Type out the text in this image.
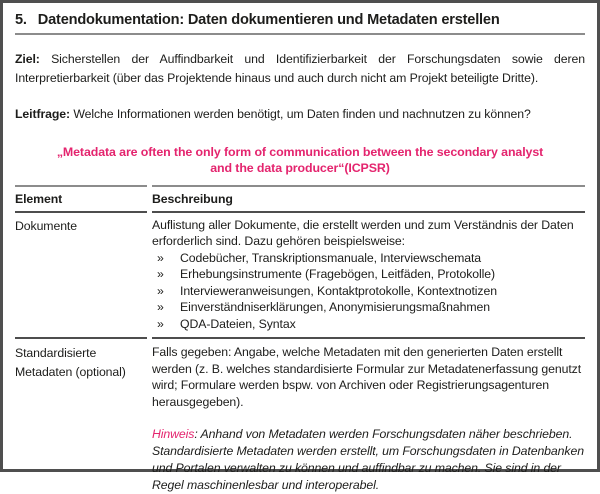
5. Datendokumentation: Daten dokumentieren und Metadaten erstellen

Ziel: Sicherstellen der Auffindbarkeit und Identifizierbarkeit der Forschungsdaten sowie deren Interpretierbarkeit (über das Projektende hinaus und auch durch nicht am Projekt beteiligte Dritte).

Leitfrage: Welche Informationen werden benötigt, um Daten finden und nachnutzen zu können?

„Metadata are often the only form of communication between the secondary analyst
and the data producer“(ICPSR)
Element	Beschreibung
Dokumente	Auflistung aller Dokumente, die erstellt werden und zum Verständnis der Daten erforderlich sind. Dazu gehören beispielsweise:
» Codebücher, Transkriptionsmanuale, Interviewschemata
» Erhebungsinstrumente (Fragebögen, Leitfäden, Protokolle)
» Intervieweranweisungen, Kontaktprotokolle, Kontextnotizen
» Einverständniserklärungen, Anonymisierungsmaßnahmen
» QDA-Dateien, Syntax

Standardisierte Metadaten (optional)	Falls gegeben: Angabe, welche Metadaten mit den generierten Daten erstellt werden (z. B. welches standardisierte Formular zur Metadatenerfassung genutzt wird; Formulare werden bspw. von Archiven oder Registrierungsagenturen herausgegeben).
Hinweis: Anhand von Metadaten werden Forschungsdaten näher beschrieben. Standardisierte Metadaten werden erstellt, um Forschungsdaten in Datenbanken und Portalen verwalten zu können und auffindbar zu machen. Sie sind in der Regel maschinenlesbar und interoperabel.
